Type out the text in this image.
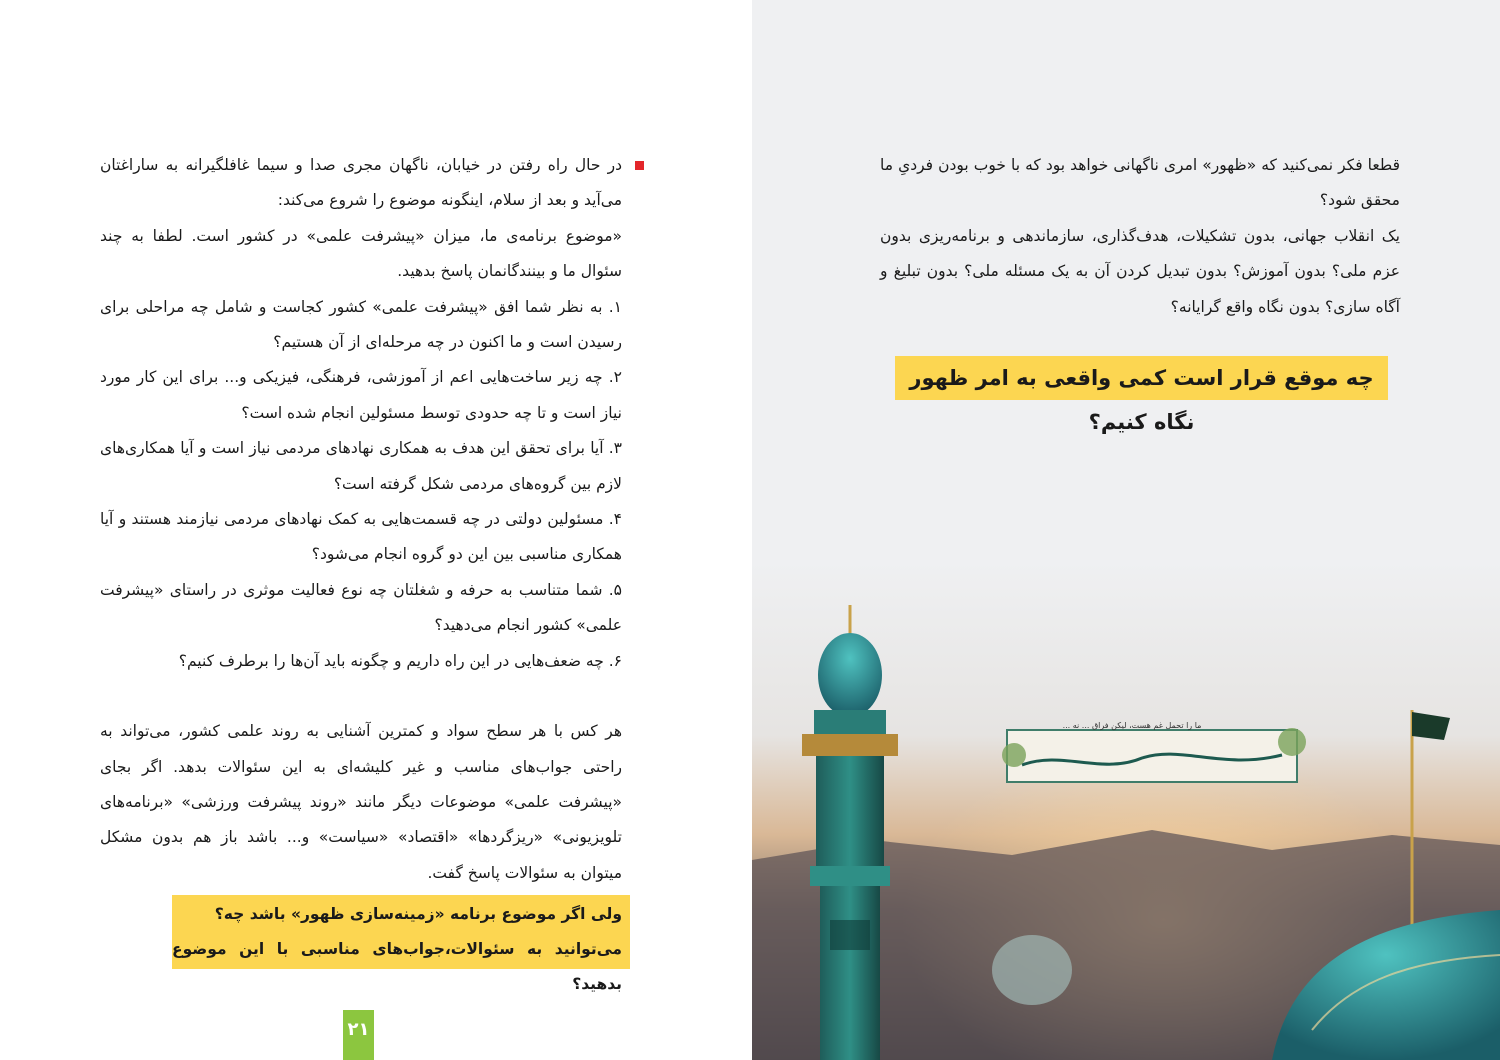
در حال راه رفتن در خیابان، ناگهان مجری صدا و سیما غافلگیرانه به ساراغتان می‌آید و بعد از سلام، اینگونه موضوع را شروع می‌کند:

«موضوع برنامه‌ی ما، میزان «پیشرفت علمی» در کشور است. لطفا به چند سئوال ما و بینندگانمان پاسخ بدهید.

۱. به نظر شما افق «پیشرفت علمی» کشور کجاست و شامل چه مراحلی برای رسیدن است و ما اکنون در چه مرحله‌ای از آن هستیم؟

۲. چه زیر ساخت‌هایی اعم از آموزشی، فرهنگی، فیزیکی و... برای این کار مورد نیاز است و تا چه حدودی توسط مسئولین انجام شده است؟

۳. آیا برای تحقق این هدف به همکاری نهادهای مردمی نیاز است و آیا همکاری‌های لازم بین گروه‌های مردمی شکل گرفته است؟

۴. مسئولین دولتی در چه قسمت‌هایی به کمک نهادهای مردمی نیازمند هستند و آیا همکاری مناسبی بین این دو گروه انجام می‌شود؟

۵. شما متناسب به حرفه و شغلتان چه نوع فعالیت موثری در راستای «پیشرفت علمی» کشور انجام می‌دهید؟

۶. چه ضعف‌هایی در این راه داریم و چگونه باید آن‌ها را برطرف کنیم؟

هر کس با هر سطح سواد و کمترین آشنایی به روند علمی کشور، می‌تواند به راحتی جواب‌های مناسب و غیر کلیشه‌ای به این سئوالات بدهد. اگر بجای «پیشرفت علمی» موضوعات دیگر مانند «روند پیشرفت ورزشی» «برنامه‌های تلویزیونی» «ریزگردها» «اقتصاد» «سیاست» و... باشد باز هم بدون مشکل میتوان به سئوالات پاسخ گفت.

ولی اگر موضوع برنامه «زمینه‌سازی ظهور» باشد چه؟

می‌توانید به سئوالات،جواب‌های مناسبی با این موضوع بدهید؟

۲۱

قطعا فکر نمی‌کنید که «ظهور» امری ناگهانی خواهد بود که با خوب بودن فردیِ ما محقق شود؟

یک انقلاب جهانی، بدون تشکیلات، هدف‌گذاری، سازماندهی و برنامه‌ریزی بدون عزم ملی؟ بدون آموزش؟ بدون تبدیل کردن آن به یک مسئله ملی؟ بدون تبلیغ و آگاه سازی؟ بدون نگاه واقع گرایانه؟

چه موقع قرار است کمی واقعی به امر ظهور نگاه کنیم؟
ما را تحمل غم هست، لیکن فراق ... نه ...
